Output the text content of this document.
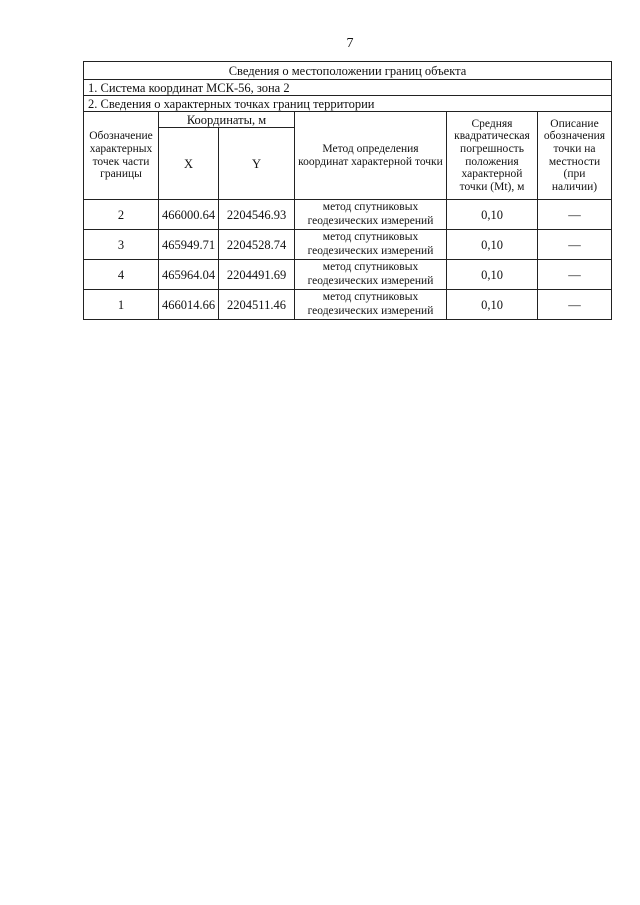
7
Сведения о местоположении границ объекта					
1. Система координат МСК-56, зона 2					
2. Сведения о характерных точках границ территории					
Обозначение характерных точек части границы	Координаты, м		Метод определения координат характерной точки	Средняя квадратическая погрешность положения характерной точки (Mt), м	Описание обозначения точки на местности (при наличии)
	X	Y			
2	466000.64	2204546.93	метод спутниковых геодезических измерений	0,10	—
3	465949.71	2204528.74	метод спутниковых геодезических измерений	0,10	—
4	465964.04	2204491.69	метод спутниковых геодезических измерений	0,10	—
1	466014.66	2204511.46	метод спутниковых геодезических измерений	0,10	—
